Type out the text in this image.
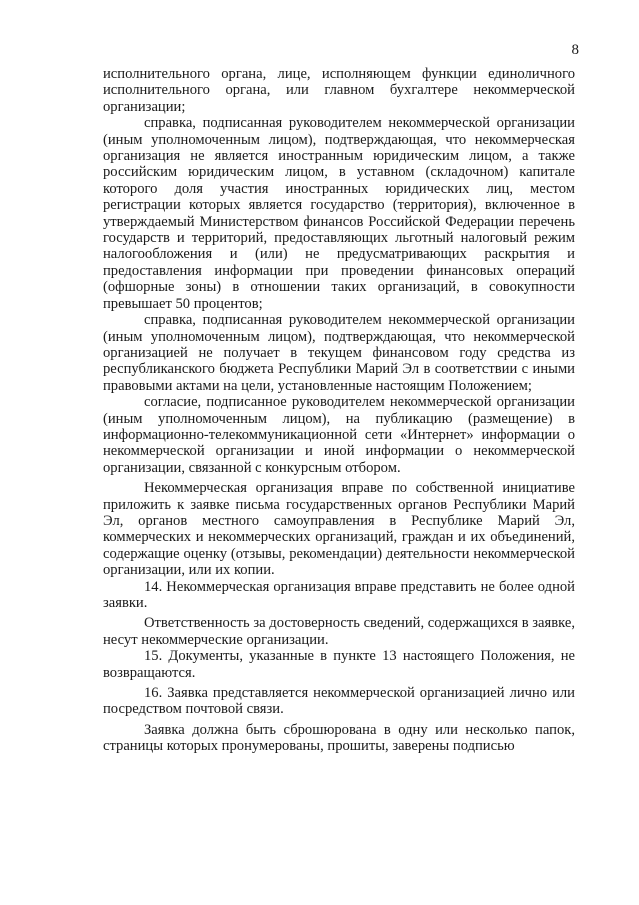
8

исполнительного органа, лице, исполняющем функции единоличного исполнительного органа, или главном бухгалтере некоммерческой организации;

справка, подписанная руководителем некоммерческой организации (иным уполномоченным лицом), подтверждающая, что некоммерческая организация не является иностранным юридическим лицом, а также российским юридическим лицом, в уставном (складочном) капитале которого доля участия иностранных юридических лиц, местом регистрации которых является государство (территория), включенное в утверждаемый Министерством финансов Российской Федерации перечень государств и территорий, предоставляющих льготный налоговый режим налогообложения и (или) не предусматривающих раскрытия и предоставления информации при проведении финансовых операций (офшорные зоны) в отношении таких организаций, в совокупности превышает 50 процентов;

справка, подписанная руководителем некоммерческой организации (иным уполномоченным лицом), подтверждающая, что некоммерческой организацией не получает в текущем финансовом году средства из республиканского бюджета Республики Марий Эл в соответствии с иными правовыми актами на цели, установленные настоящим Положением;

согласие, подписанное руководителем некоммерческой организации (иным уполномоченным лицом), на публикацию (размещение) в информационно-телекоммуникационной сети «Интернет» информации о некоммерческой организации и иной информации о некоммерческой организации, связанной с конкурсным отбором.

Некоммерческая организация вправе по собственной инициативе приложить к заявке письма государственных органов Республики Марий Эл, органов местного самоуправления в Республике Марий Эл, коммерческих и некоммерческих организаций, граждан и их объединений, содержащие оценку (отзывы, рекомендации) деятельности некоммерческой организации, или их копии.

14. Некоммерческая организация вправе представить не более одной заявки.

Ответственность за достоверность сведений, содержащихся в заявке, несут некоммерческие организации.

15. Документы, указанные в пункте 13 настоящего Положения, не возвращаются.

16. Заявка представляется некоммерческой организацией лично или посредством почтовой связи.

Заявка должна быть сброшюрована в одну или несколько папок, страницы которых пронумерованы, прошиты, заверены подписью
